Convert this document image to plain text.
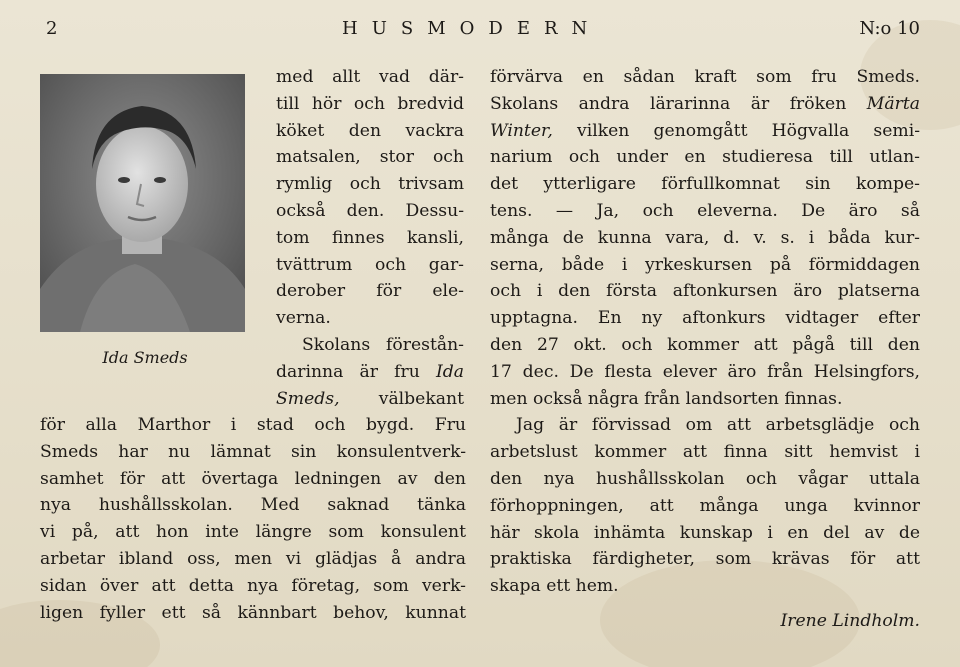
2	HUSMODERN	N:o 10
Ida Smeds

med allt vad där-

till hör och bredvid

köket den vackra

matsalen, stor och

rymlig och trivsam

också den. Dessu-

tom finnes kansli,

tvättrum och gar-

derober för ele-

verna.

Skolans förestån-

darinna är fru Ida

Smeds, välbekant

för alla Marthor i stad och bygd. Fru

Smeds har nu lämnat sin konsulentverk-

samhet för att övertaga ledningen av den

nya hushållsskolan. Med saknad tänka

vi på, att hon inte längre som konsulent

arbetar ibland oss, men vi glädjas å andra

sidan över att detta nya företag, som verk-

ligen fyller ett så kännbart behov, kunnat

förvärva en sådan kraft som fru Smeds.

Skolans andra lärarinna är fröken Märta

Winter, vilken genomgått Högvalla semi-

narium och under en studieresa till utlan-

det ytterligare förfullkomnat sin kompe-

tens. — Ja, och eleverna. De äro så

många de kunna vara, d. v. s. i båda kur-

serna, både i yrkeskursen på förmiddagen

och i den första aftonkursen äro platserna

upptagna. En ny aftonkurs vidtager efter

den 27 okt. och kommer att pågå till den

17 dec. De flesta elever äro från Helsingfors,

men också några från landsorten finnas.

Jag är förvissad om att arbetsglädje och

arbetslust kommer att finna sitt hemvist i

den nya hushållsskolan och vågar uttala

förhoppningen, att många unga kvinnor

här skola inhämta kunskap i en del av de

praktiska färdigheter, som krävas för att

skapa ett hem.

Irene Lindholm.
